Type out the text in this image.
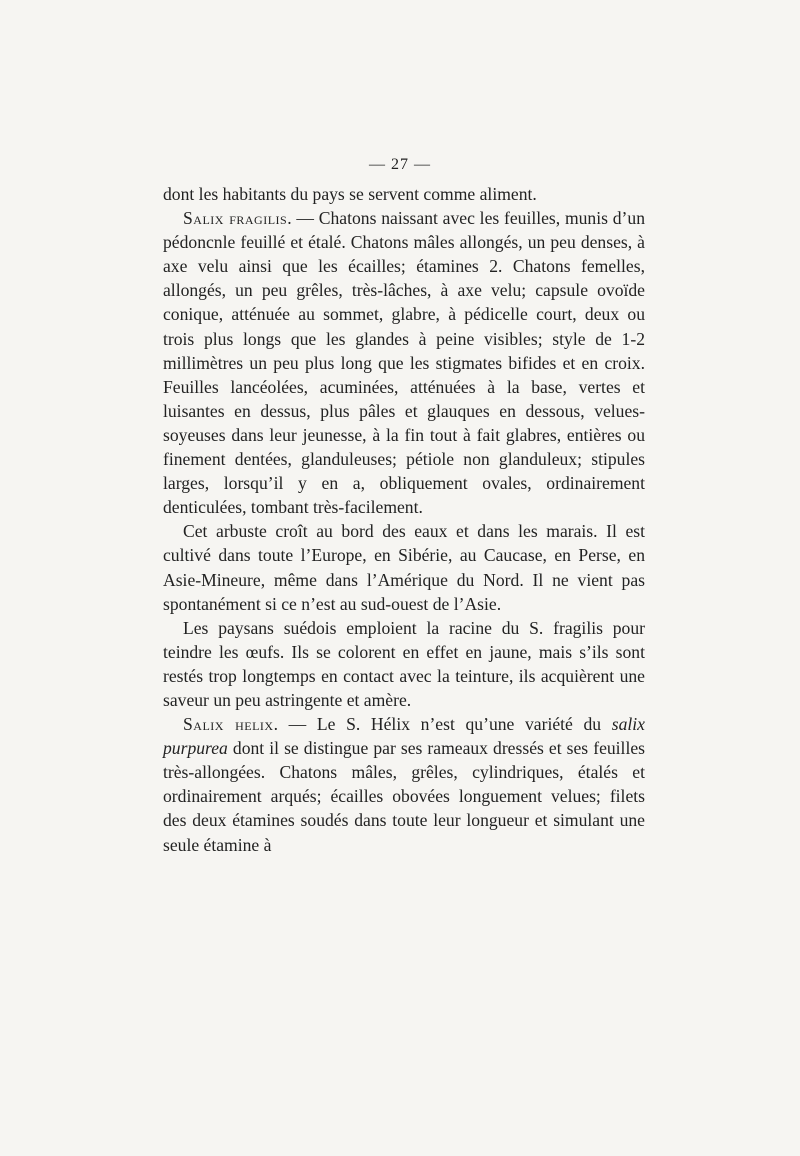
— 27 —

dont les habitants du pays se servent comme aliment.

Salix fragilis. — Chatons naissant avec les feuilles, munis d’un pédoncnle feuillé et étalé. Chatons mâles allongés, un peu denses, à axe velu ainsi que les écailles; étamines 2. Chatons femelles, allongés, un peu grêles, très-lâches, à axe velu; capsule ovoïde conique, atténuée au sommet, glabre, à pédicelle court, deux ou trois plus longs que les glandes à peine visibles; style de 1-2 millimètres un peu plus long que les stigmates bifides et en croix. Feuilles lancéolées, acuminées, atténuées à la base, vertes et luisantes en dessus, plus pâles et glauques en dessous, velues-soyeuses dans leur jeunesse, à la fin tout à fait glabres, entières ou finement dentées, glanduleuses; pétiole non glanduleux; stipules larges, lorsqu’il y en a, obliquement ovales, ordinairement denticulées, tombant très-facilement.

Cet arbuste croît au bord des eaux et dans les marais. Il est cultivé dans toute l’Europe, en Sibérie, au Caucase, en Perse, en Asie-Mineure, même dans l’Amérique du Nord. Il ne vient pas spontanément si ce n’est au sud-ouest de l’Asie.

Les paysans suédois emploient la racine du S. fragilis pour teindre les œufs. Ils se colorent en effet en jaune, mais s’ils sont restés trop longtemps en contact avec la teinture, ils acquièrent une saveur un peu astringente et amère.

Salix helix. — Le S. Hélix n’est qu’une variété du salix purpurea dont il se distingue par ses rameaux dressés et ses feuilles très-allongées. Chatons mâles, grêles, cylindriques, étalés et ordinairement arqués; écailles obovées longuement velues; filets des deux étamines soudés dans toute leur longueur et simulant une seule étamine à
